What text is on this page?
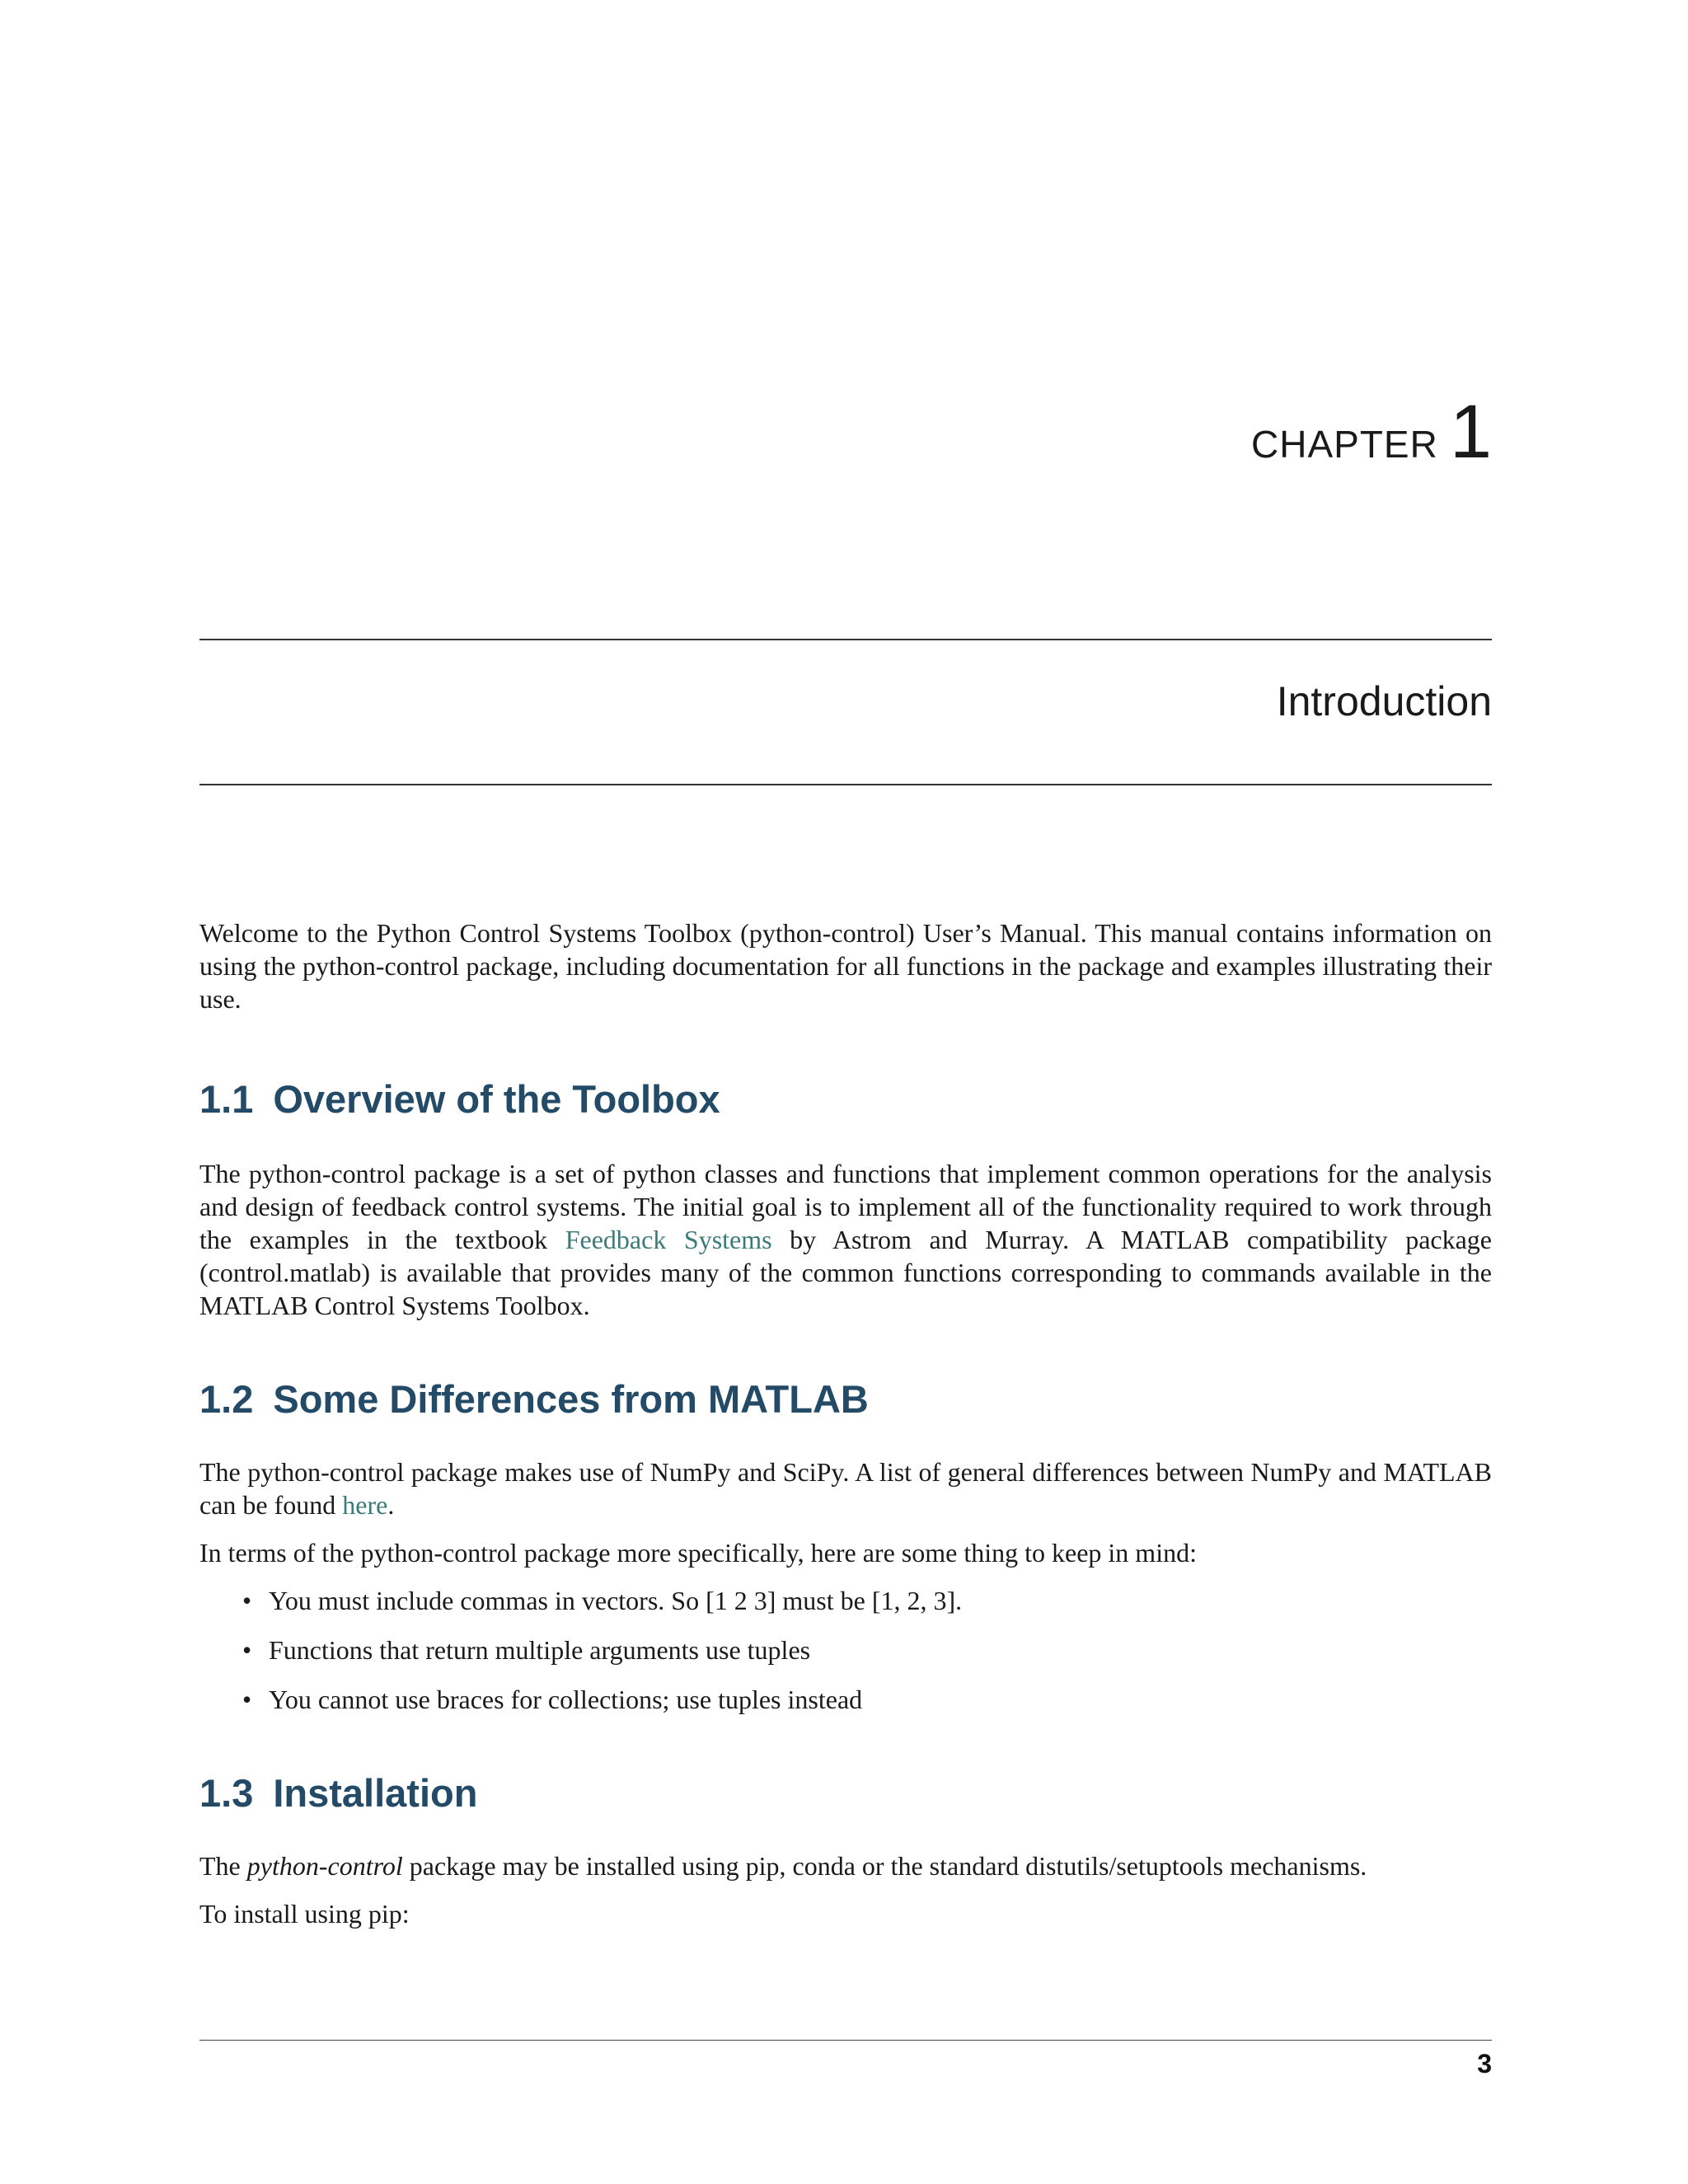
CHAPTER 1
Introduction

Welcome to the Python Control Systems Toolbox (python-control) User’s Manual. This manual contains information on using the python-control package, including documentation for all functions in the package and examples illustrating their use.

1.1 Overview of the Toolbox

The python-control package is a set of python classes and functions that implement common operations for the analysis and design of feedback control systems. The initial goal is to implement all of the functionality required to work through the examples in the textbook Feedback Systems by Astrom and Murray. A MATLAB compatibility package (control.matlab) is available that provides many of the common functions corresponding to commands available in the MATLAB Control Systems Toolbox.

1.2 Some Differences from MATLAB

The python-control package makes use of NumPy and SciPy. A list of general differences between NumPy and MATLAB can be found here.

In terms of the python-control package more specifically, here are some thing to keep in mind:

• You must include commas in vectors. So [1 2 3] must be [1, 2, 3].
• Functions that return multiple arguments use tuples
• You cannot use braces for collections; use tuples instead
1.3 Installation

The python-control package may be installed using pip, conda or the standard distutils/setuptools mechanisms.

To install using pip:

3
